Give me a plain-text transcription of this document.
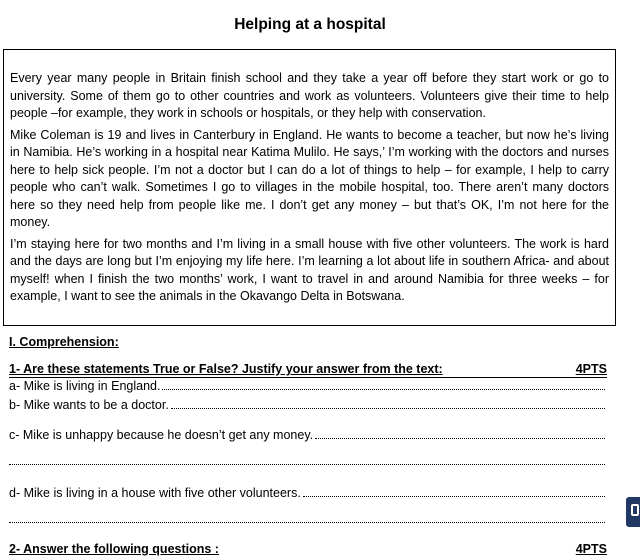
Helping at a hospital

Every year many people in Britain finish school and they take a year off before they start work or go to university. Some of them go to other countries and work as volunteers. Volunteers give their time to help people –for example, they work in schools or hospitals, or they help with conservation.

Mike Coleman is 19 and lives in Canterbury in England. He wants to become a teacher, but now he’s living in Namibia. He’s working in a hospital near Katima Mulilo. He says,’ I’m working with the doctors and nurses here to help sick people. I’m not a doctor but I can do a lot of things to help – for example, I help to carry people who can’t walk. Sometimes I go to villages in the mobile hospital, too. There aren’t many doctors here so they need help from people like me. I don’t get any money – but that’s OK, I’m not here for the money.

I’m staying here for two months and I’m living in a small house with five other volunteers. The work is hard and the days are long but I’m enjoying my life here. I’m learning a lot about life in southern Africa- and about myself! when I finish the two months’ work, I want to travel in and around Namibia for three weeks – for example, I want to see the animals in the Okavango Delta in Botswana.

I. Comprehension:
1- Are these statements True or False? Justify your answer from the text:	4PTS
a- Mike is living in England.
b- Mike wants to be a doctor.
c- Mike is unhappy because he doesn’t get any money.
d- Mike is living in a house with five other volunteers.
2- Answer the following questions :	4PTS
